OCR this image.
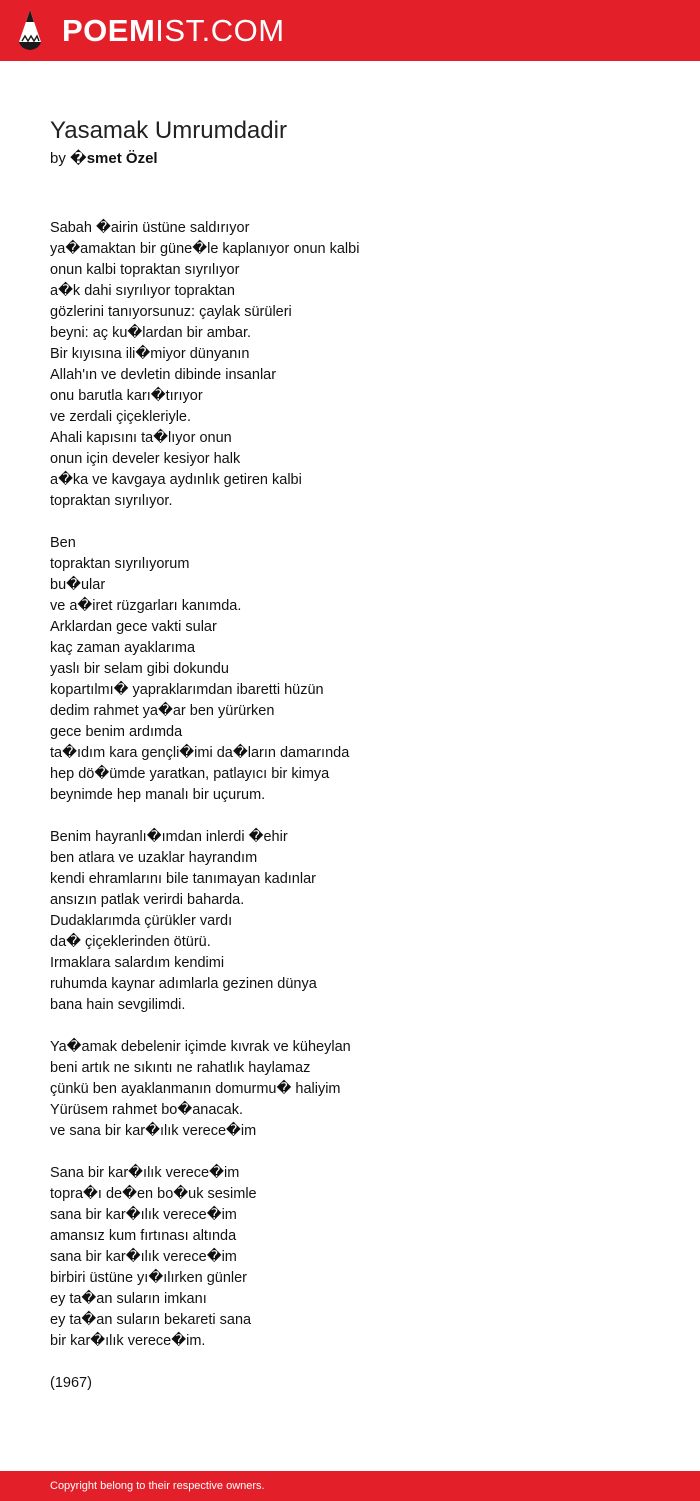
POEMIST.COM
Yasamak Umrumdadir
by �smet Özel
Sabah �airin üstüne saldırıyor
ya�amaktan bir güne�le kaplanıyor onun kalbi
onun kalbi topraktan sıyrılıyor
a�k dahi sıyrılıyor topraktan
gözlerini tanıyorsunuz: çaylak sürüleri
beyni: aç ku�lardan bir ambar.
Bir kıyısına ili�miyor dünyanın
Allah'ın ve devletin dibinde insanlar
onu barutla karı�tırıyor
ve zerdali çiçekleriyle.
Ahali kapısını ta�lıyor onun
onun için develer kesiyor halk
a�ka ve kavgaya aydınlık getiren kalbi
topraktan sıyrılıyor.
Ben
topraktan sıyrılıyorum
bu�ular
ve a�iret rüzgarları kanımda.
Arklardan gece vakti sular
kaç zaman ayaklarıma
yaslı bir selam gibi dokundu
kopartılmı� yapraklarımdan ibaretti hüzün
dedim rahmet ya�ar ben yürürken
gece benim ardımda
ta�ıdım kara gençli�imi da�ların damarında
hep dö�ümde yaratkan, patlayıcı bir kimya
beynimde hep manalı bir uçurum.
Benim hayranlı�ımdan inlerdi �ehir
ben atlara ve uzaklar hayrandım
kendi ehramlarını bile tanımayan kadınlar
ansızın patlak verirdi baharda.
Dudaklarımda çürükler vardı
da� çiçeklerinden ötürü.
Irmaklara salardım kendimi
ruhumda kaynar adımlarla gezinen dünya
bana hain sevgilimdi.
Ya�amak debelenir içimde kıvrak ve küheylan
beni artık ne sıkıntı ne rahatlık haylamaz
çünkü ben ayaklanmanın domurmu� haliyim
Yürüsem rahmet bo�anacak.
ve sana bir kar�ılık verece�im
Sana bir kar�ılık verece�im
topra�ı de�en bo�uk sesimle
sana bir kar�ılık verece�im
amansız kum fırtınası altında
sana bir kar�ılık verece�im
birbiri üstüne yı�ılırken günler
ey ta�an suların imkanı
ey ta�an suların bekareti sana
bir kar�ılık verece�im.
(1967)
Copyright belong to their respective owners.
